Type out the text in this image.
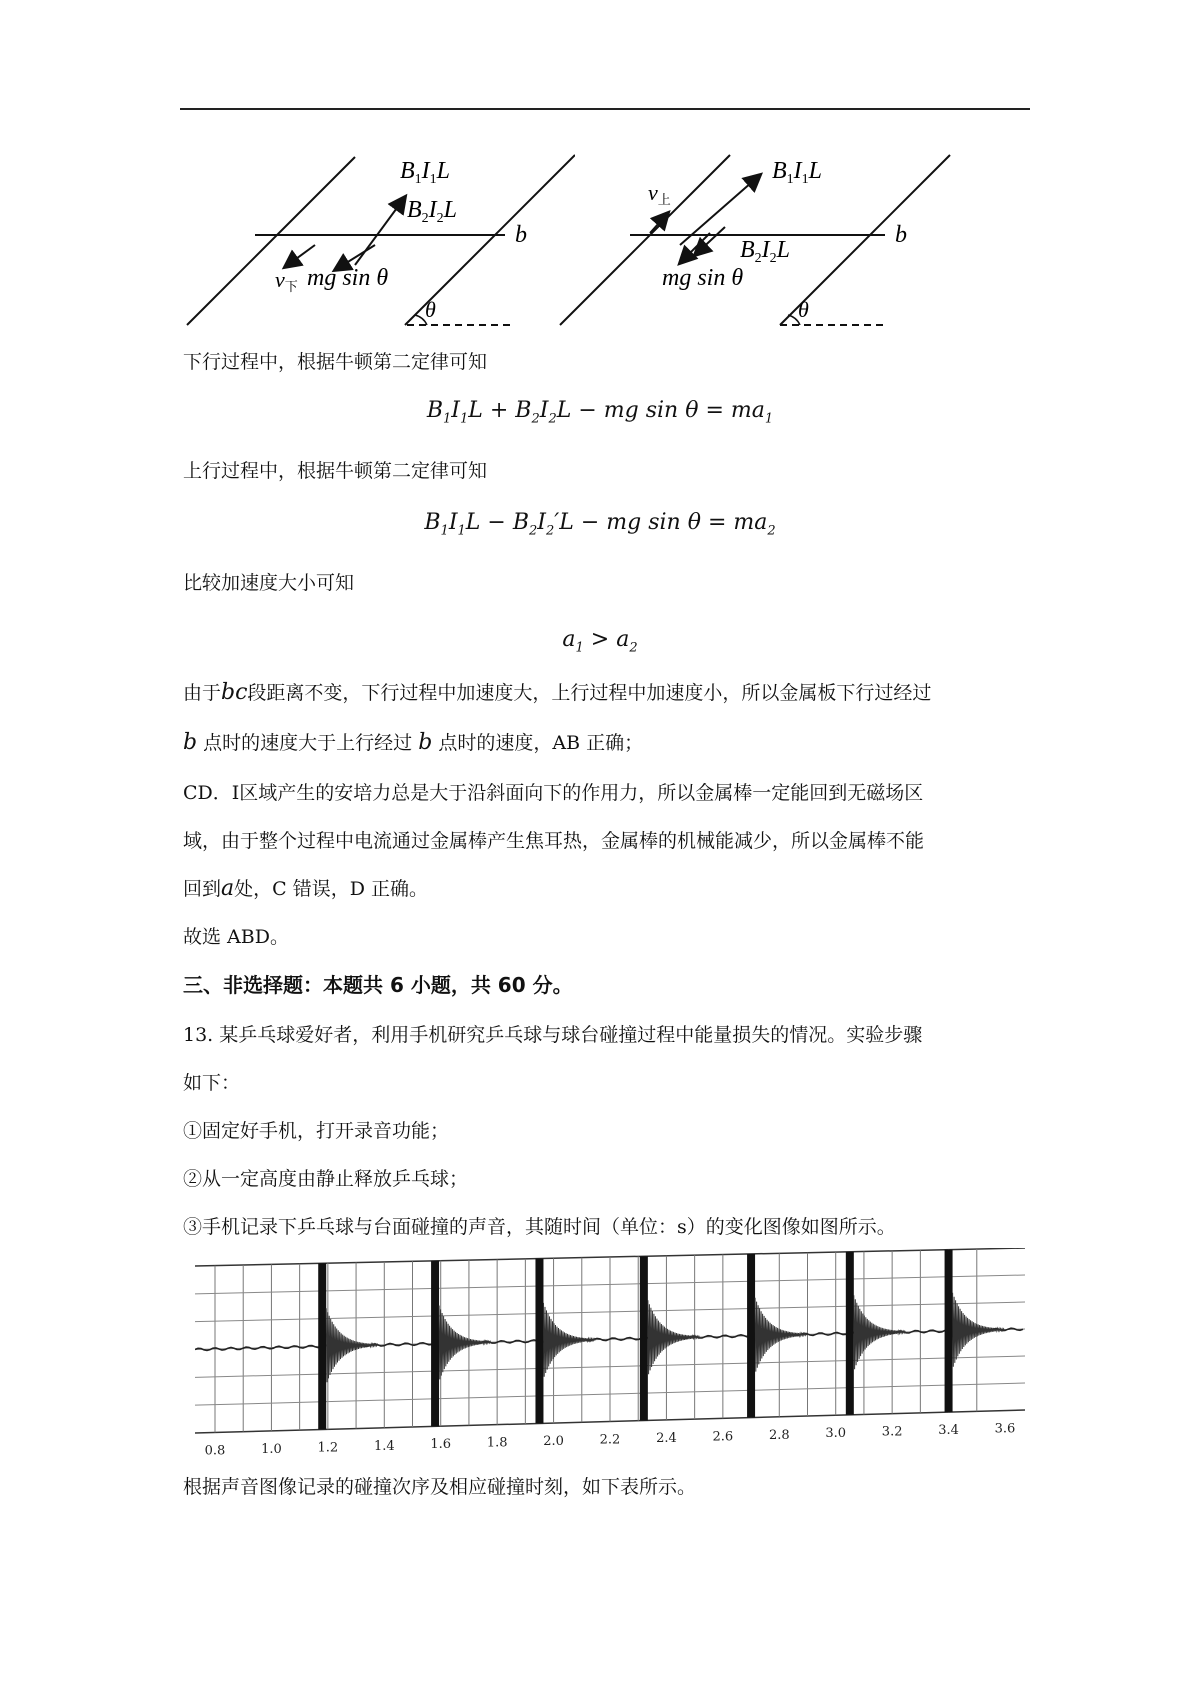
$B_1I_1L$
$B_2I_2L$
v下 mg sin θ
b
θ
v上
$B_1I_1L$
$B_2I_2L$
mg sin θ
b
θ
下行过程中，根据牛顿第二定律可知
$B_1I_1L + B_2I_2L$ − mg $\sin \theta = ma_1$
上行过程中，根据牛顿第二定律可知
$B_1I_1L - B_2I_2'L$ − mg $\sin \theta = ma_2$
比较加速度大小可知
$a_1 > a_2$
由于bc段距离不变，下行过程中加速度大，上行过程中加速度小，所以金属板下行过经过
b 点时的速度大于上行经过 b 点时的速度，AB 正确；
CD．Ⅰ区域产生的安培力总是大于沿斜面向下的作用力，所以金属棒一定能回到无磁场区
域，由于整个过程中电流通过金属棒产生焦耳热，金属棒的机械能减少，所以金属棒不能
回到a处，C 错误，D 正确。
故选 ABD。
三、非选择题：本题共 6 小题，共 60 分。
13. 某乒乓球爱好者，利用手机研究乒乓球与球台碰撞过程中能量损失的情况。实验步骤
如下：
①固定好手机，打开录音功能；
②从一定高度由静止释放乒乓球；
③手机记录下乒乓球与台面碰撞的声音，其随时间（单位：s）的变化图像如图所示。
0.8	1.0	1.2	1.4	1.6	1.8	2.0	2.2	2.4	2.6	2.8	3.0	3.2	3.4	3.6
根据声音图像记录的碰撞次序及相应碰撞时刻，如下表所示。
